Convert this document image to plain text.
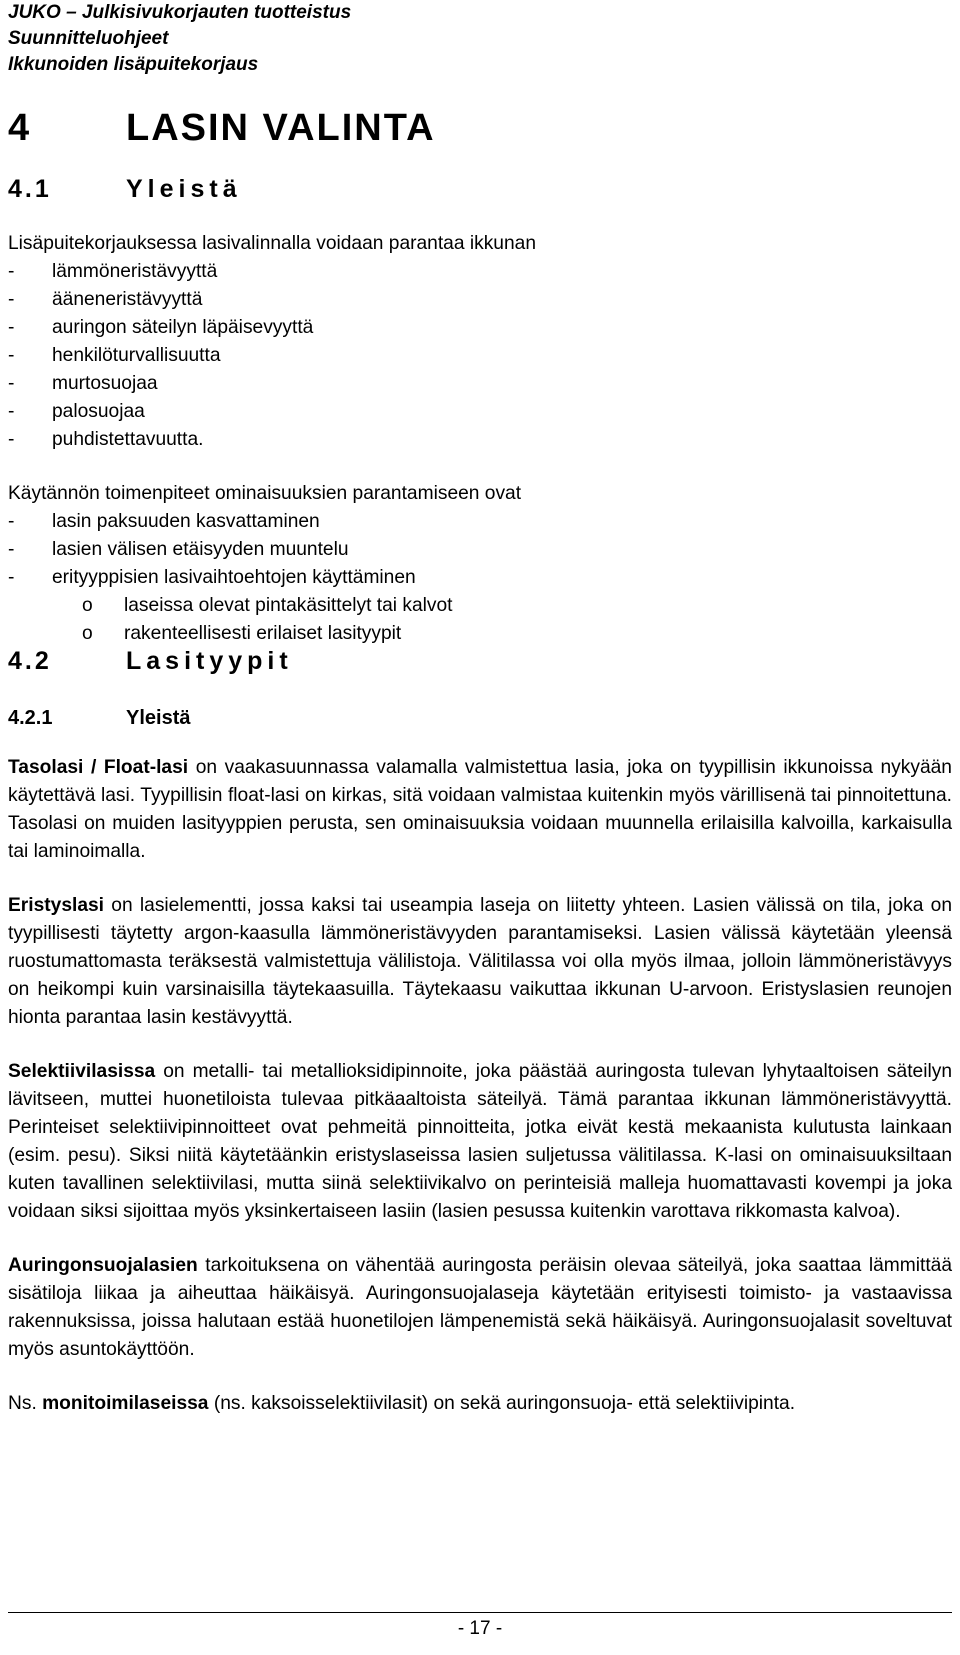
JUKO – Julkisivukorjauten tuotteistus
Suunnitteluohjeet
Ikkunoiden lisäpuitekorjaus
4 LASIN VALINTA
4.1	Yleistä
Lisäpuitekorjauksessa lasivalinnalla voidaan parantaa ikkunan
-	lämmöneristävyyttä
-	ääneneristävyyttä
-	auringon säteilyn läpäisevyyttä
-	henkilöturvallisuutta
-	murtosuojaa
-	palosuojaa
-	puhdistettavuutta.
Käytännön toimenpiteet ominaisuuksien parantamiseen ovat
-	lasin paksuuden kasvattaminen
-	lasien välisen etäisyyden muuntelu
-	erityyppisien lasivaihtoehtojen käyttäminen
o	laseissa olevat pintakäsittelyt tai kalvot
o	rakenteellisesti erilaiset lasityypit
4.2	Lasityypit
4.2.1	Yleistä

Tasolasi / Float-lasi on vaakasuunnassa valamalla valmistettua lasia, joka on tyypillisin ikkunoissa nykyään käytettävä lasi. Tyypillisin float-lasi on kirkas, sitä voidaan valmistaa kuitenkin myös värillisenä tai pinnoitettuna. Tasolasi on muiden lasityyppien perusta, sen ominaisuuksia voidaan muunnella erilaisilla kalvoilla, karkaisulla tai laminoimalla.

Eristyslasi on lasielementti, jossa kaksi tai useampia laseja on liitetty yhteen. Lasien välissä on tila, joka on tyypillisesti täytetty argon-kaasulla lämmöneristävyyden parantamiseksi. Lasien välissä käytetään yleensä ruostumattomasta teräksestä valmistettuja välilistoja. Välitilassa voi olla myös ilmaa, jolloin lämmöneristävyys on heikompi kuin varsinaisilla täytekaasuilla. Täytekaasu vaikuttaa ikkunan U-arvoon. Eristyslasien reunojen hionta parantaa lasin kestävyyttä.

Selektiivilasissa on metalli- tai metallioksidipinnoite, joka päästää auringosta tulevan lyhytaaltoisen säteilyn lävitseen, muttei huonetiloista tulevaa pitkäaaltoista säteilyä. Tämä parantaa ikkunan lämmöneristävyyttä. Perinteiset selektiivipinnoitteet ovat pehmeitä pinnoitteita, jotka eivät kestä mekaanista kulutusta lainkaan (esim. pesu). Siksi niitä käytetäänkin eristyslaseissa lasien suljetussa välitilassa. K-lasi on ominaisuuksiltaan kuten tavallinen selektiivilasi, mutta siinä selektiivikalvo on perinteisiä malleja huomattavasti kovempi ja joka voidaan siksi sijoittaa myös yksinkertaiseen lasiin (lasien pesussa kuitenkin varottava rikkomasta kalvoa).

Auringonsuojalasien tarkoituksena on vähentää auringosta peräisin olevaa säteilyä, joka saattaa lämmittää sisätiloja liikaa ja aiheuttaa häikäisyä. Auringonsuojalaseja käytetään erityisesti toimisto- ja vastaavissa rakennuksissa, joissa halutaan estää huonetilojen lämpenemistä sekä häikäisyä. Auringonsuojalasit soveltuvat myös asuntokäyttöön.

Ns. monitoimilaseissa (ns. kaksoisselektiivilasit) on sekä auringonsuoja- että selektiivipinta.

- 17 -
